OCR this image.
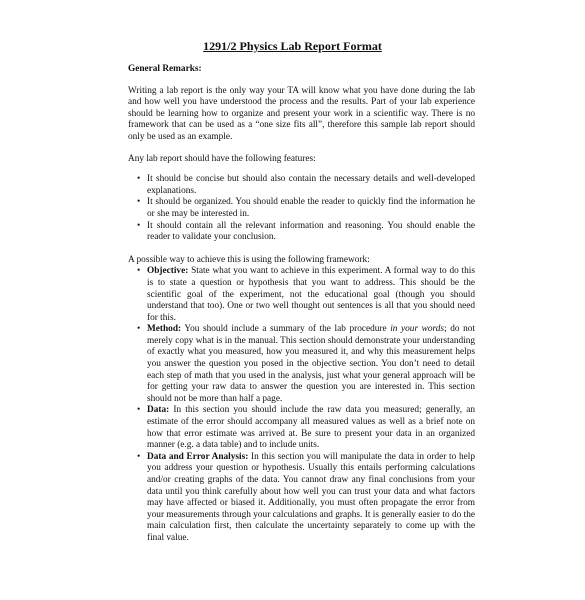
1291/2 Physics Lab Report Format
General Remarks:

Writing a lab report is the only way your TA will know what you have done during the lab and how well you have understood the process and the results. Part of your lab experience should be learning how to organize and present your work in a scientific way. There is no framework that can be used as a “one size fits all”, therefore this sample lab report should only be used as an example.

Any lab report should have the following features:

• It should be concise but should also contain the necessary details and well-developed explanations.
• It should be organized. You should enable the reader to quickly find the information he or she may be interested in.
• It should contain all the relevant information and reasoning. You should enable the reader to validate your conclusion.

A possible way to achieve this is using the following framework:

• Objective: State what you want to achieve in this experiment. A formal way to do this is to state a question or hypothesis that you want to address. This should be the scientific goal of the experiment, not the educational goal (though you should understand that too). One or two well thought out sentences is all that you should need for this.
• Method: You should include a summary of the lab procedure in your words; do not merely copy what is in the manual. This section should demonstrate your understanding of exactly what you measured, how you measured it, and why this measurement helps you answer the question you posed in the objective section. You don’t need to detail each step of math that you used in the analysis, just what your general approach will be for getting your raw data to answer the question you are interested in. This section should not be more than half a page.
• Data: In this section you should include the raw data you measured; generally, an estimate of the error should accompany all measured values as well as a brief note on how that error estimate was arrived at. Be sure to present your data in an organized manner (e.g. a data table) and to include units.
• Data and Error Analysis: In this section you will manipulate the data in order to help you address your question or hypothesis. Usually this entails performing calculations and/or creating graphs of the data. You cannot draw any final conclusions from your data until you think carefully about how well you can trust your data and what factors may have affected or biased it. Additionally, you must often propagate the error from your measurements through your calculations and graphs. It is generally easier to do the main calculation first, then calculate the uncertainty separately to come up with the final value.
